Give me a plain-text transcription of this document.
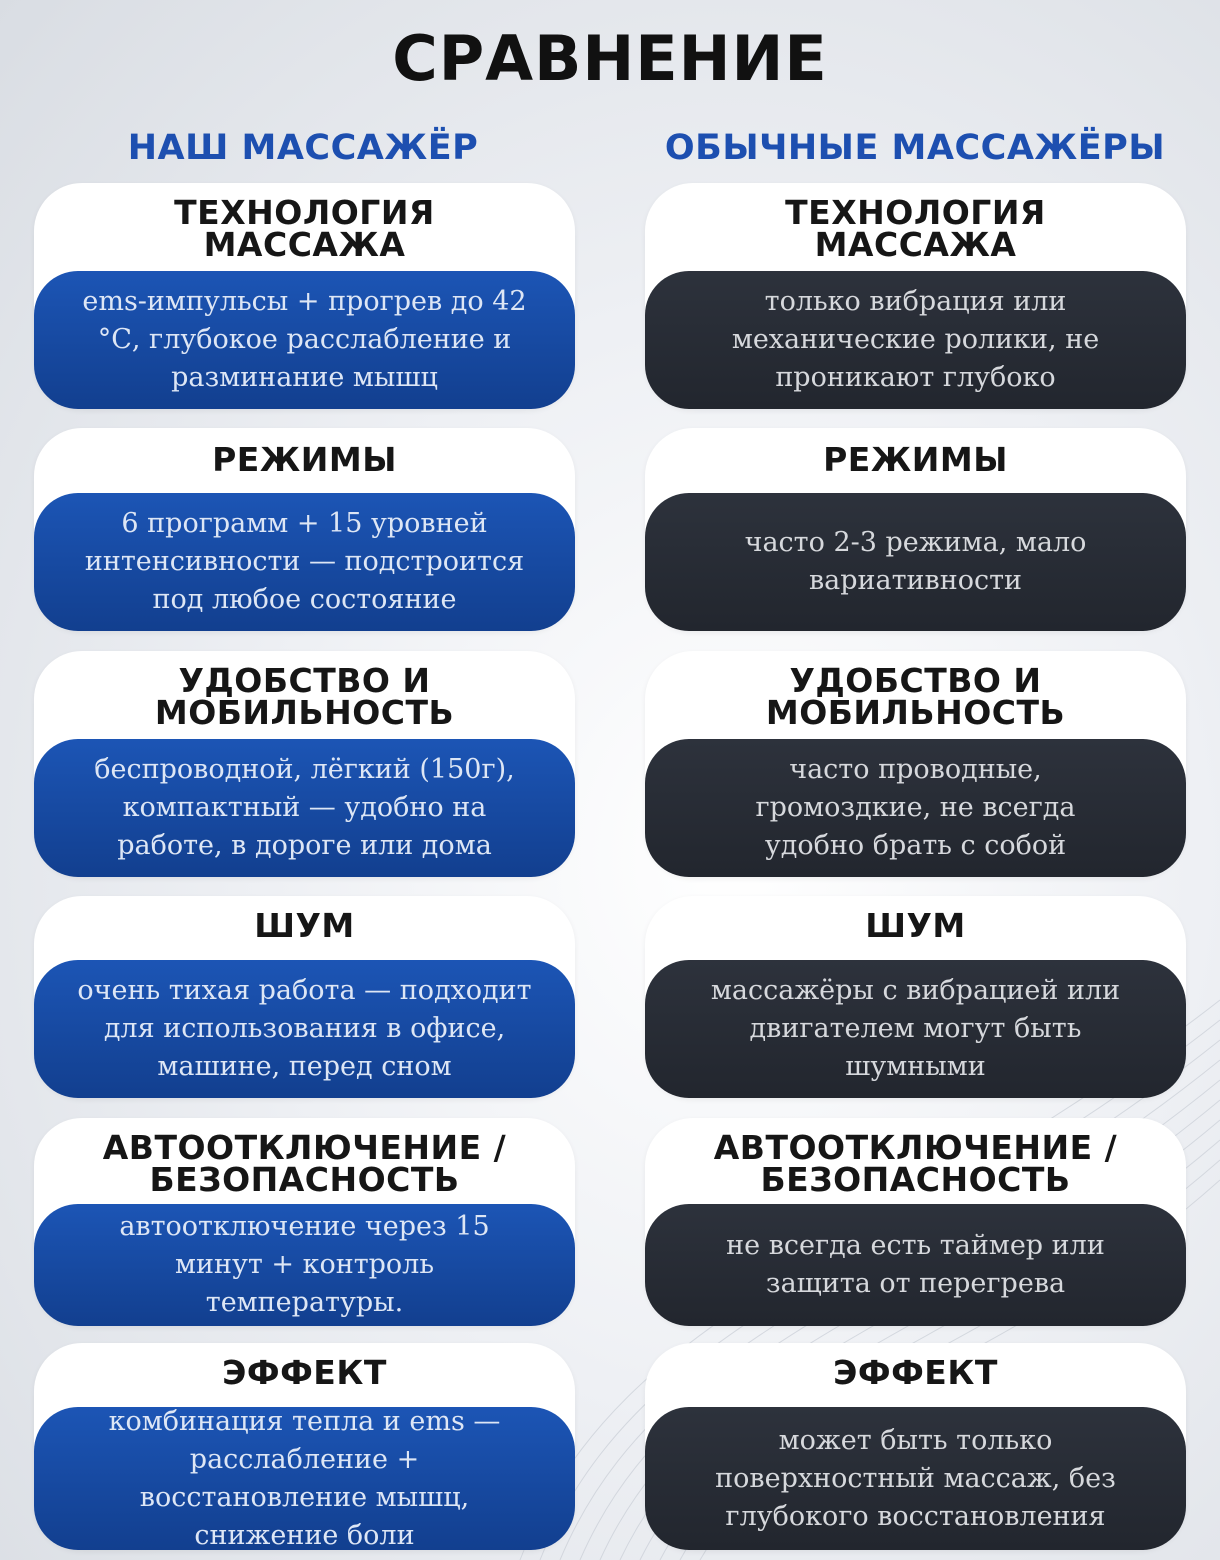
СРАВНЕНИЕ
НАШ МАССАЖЁР	ОБЫЧНЫЕ МАССАЖЁРЫ
ТЕХНОЛОГИЯ МАССАЖА
ems-импульсы + прогрев до 42 °С, глубокое расслабление и разминание мышц
ТЕХНОЛОГИЯ МАССАЖА
только вибрация или механические ролики, не проникают глубоко
РЕЖИМЫ
6 программ + 15 уровней интенсивности — подстроится под любое состояние
РЕЖИМЫ
часто 2-3 режима, мало вариативности
УДОБСТВО И МОБИЛЬНОСТЬ
беспроводной, лёгкий (150г), компактный — удобно на работе, в дороге или дома
УДОБСТВО И МОБИЛЬНОСТЬ
часто проводные, громоздкие, не всегда удобно брать с собой
ШУМ
очень тихая работа — подходит для использования в офисе, машине, перед сном
ШУМ
массажёры с вибрацией или двигателем могут быть шумными
АВТООТКЛЮЧЕНИЕ / БЕЗОПАСНОСТЬ
автоотключение через 15 минут + контроль температуры.
АВТООТКЛЮЧЕНИЕ / БЕЗОПАСНОСТЬ
не всегда есть таймер или защита от перегрева
ЭФФЕКТ
комбинация тепла и ems — расслабление + восстановление мышц, снижение боли
ЭФФЕКТ
может быть только поверхностный массаж, без глубокого восстановления
